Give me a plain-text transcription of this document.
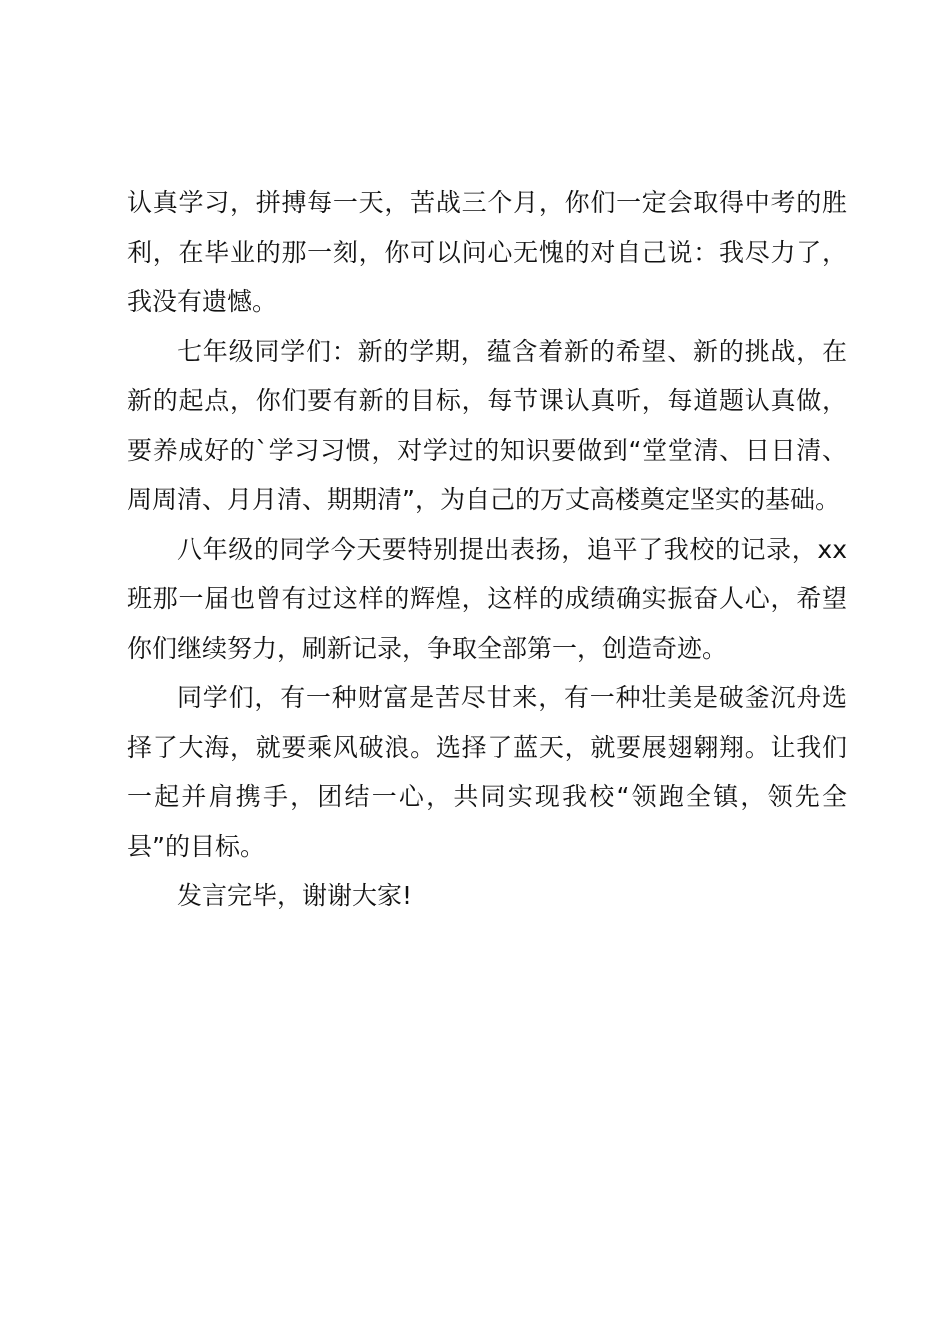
认真学习，拼搏每一天，苦战三个月，你们一定会取得中考的胜利，在毕业的那一刻，你可以问心无愧的对自己说：我尽力了，我没有遗憾。

七年级同学们：新的学期，蕴含着新的希望、新的挑战，在新的起点，你们要有新的目标，每节课认真听，每道题认真做，要养成好的`学习习惯，对学过的知识要做到“堂堂清、日日清、周周清、月月清、期期清”，为自己的万丈高楼奠定坚实的基础。

八年级的同学今天要特别提出表扬，追平了我校的记录，xx班那一届也曾有过这样的辉煌，这样的成绩确实振奋人心，希望你们继续努力，刷新记录，争取全部第一，创造奇迹。

同学们，有一种财富是苦尽甘来，有一种壮美是破釜沉舟选择了大海，就要乘风破浪。选择了蓝天，就要展翅翱翔。让我们一起并肩携手，团结一心，共同实现我校“领跑全镇，领先全县”的目标。

发言完毕，谢谢大家!
